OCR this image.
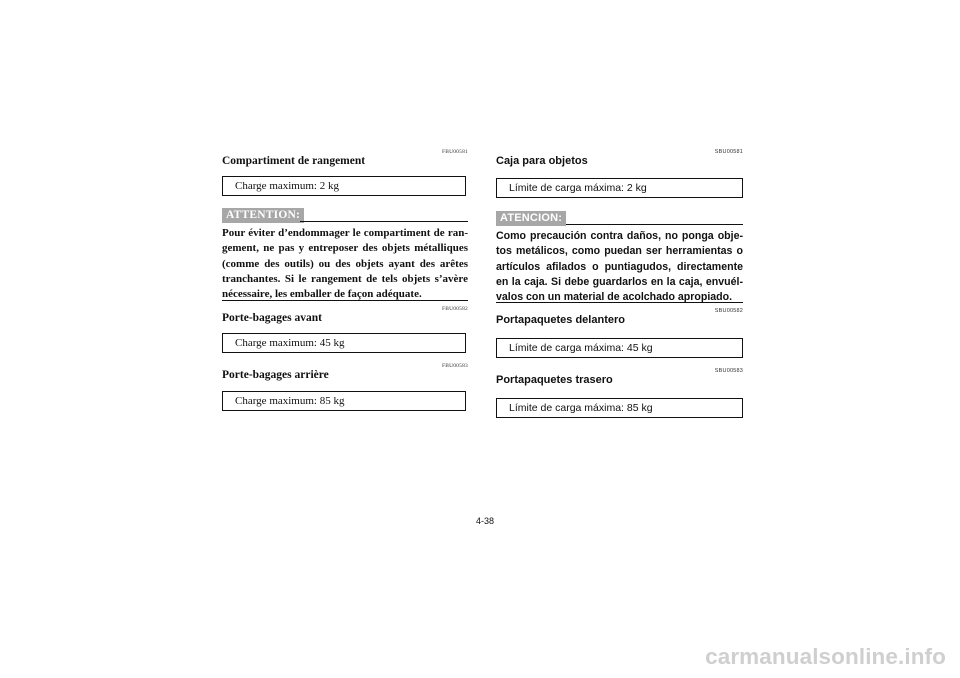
FBU00581
Compartiment de rangement
Charge maximum: 2 kg
ATTENTION:
Pour éviter d’endommager le compartiment de rangement, ne pas y entreposer des objets métalliques (comme des outils) ou des objets ayant des arêtes tranchantes. Si le rangement de tels objets s’avère nécessaire, les emballer de façon adéquate.
FBU00582
Porte-bagages avant
Charge maximum: 45 kg
FBU00583
Porte-bagages arrière
Charge maximum: 85 kg
SBU00581
Caja para objetos
Límite de carga máxima: 2 kg
ATENCION:
Como precaución contra daños, no ponga objetos metálicos, como puedan ser herramientas o artículos afilados o puntiagudos, directamente en la caja. Si debe guardarlos en la caja, envuélvalos con un material de acolchado apropiado.
SBU00582
Portapaquetes delantero
Límite de carga máxima: 45 kg
SBU00583
Portapaquetes trasero
Límite de carga máxima: 85 kg
4-38
carmanualsonline.info
